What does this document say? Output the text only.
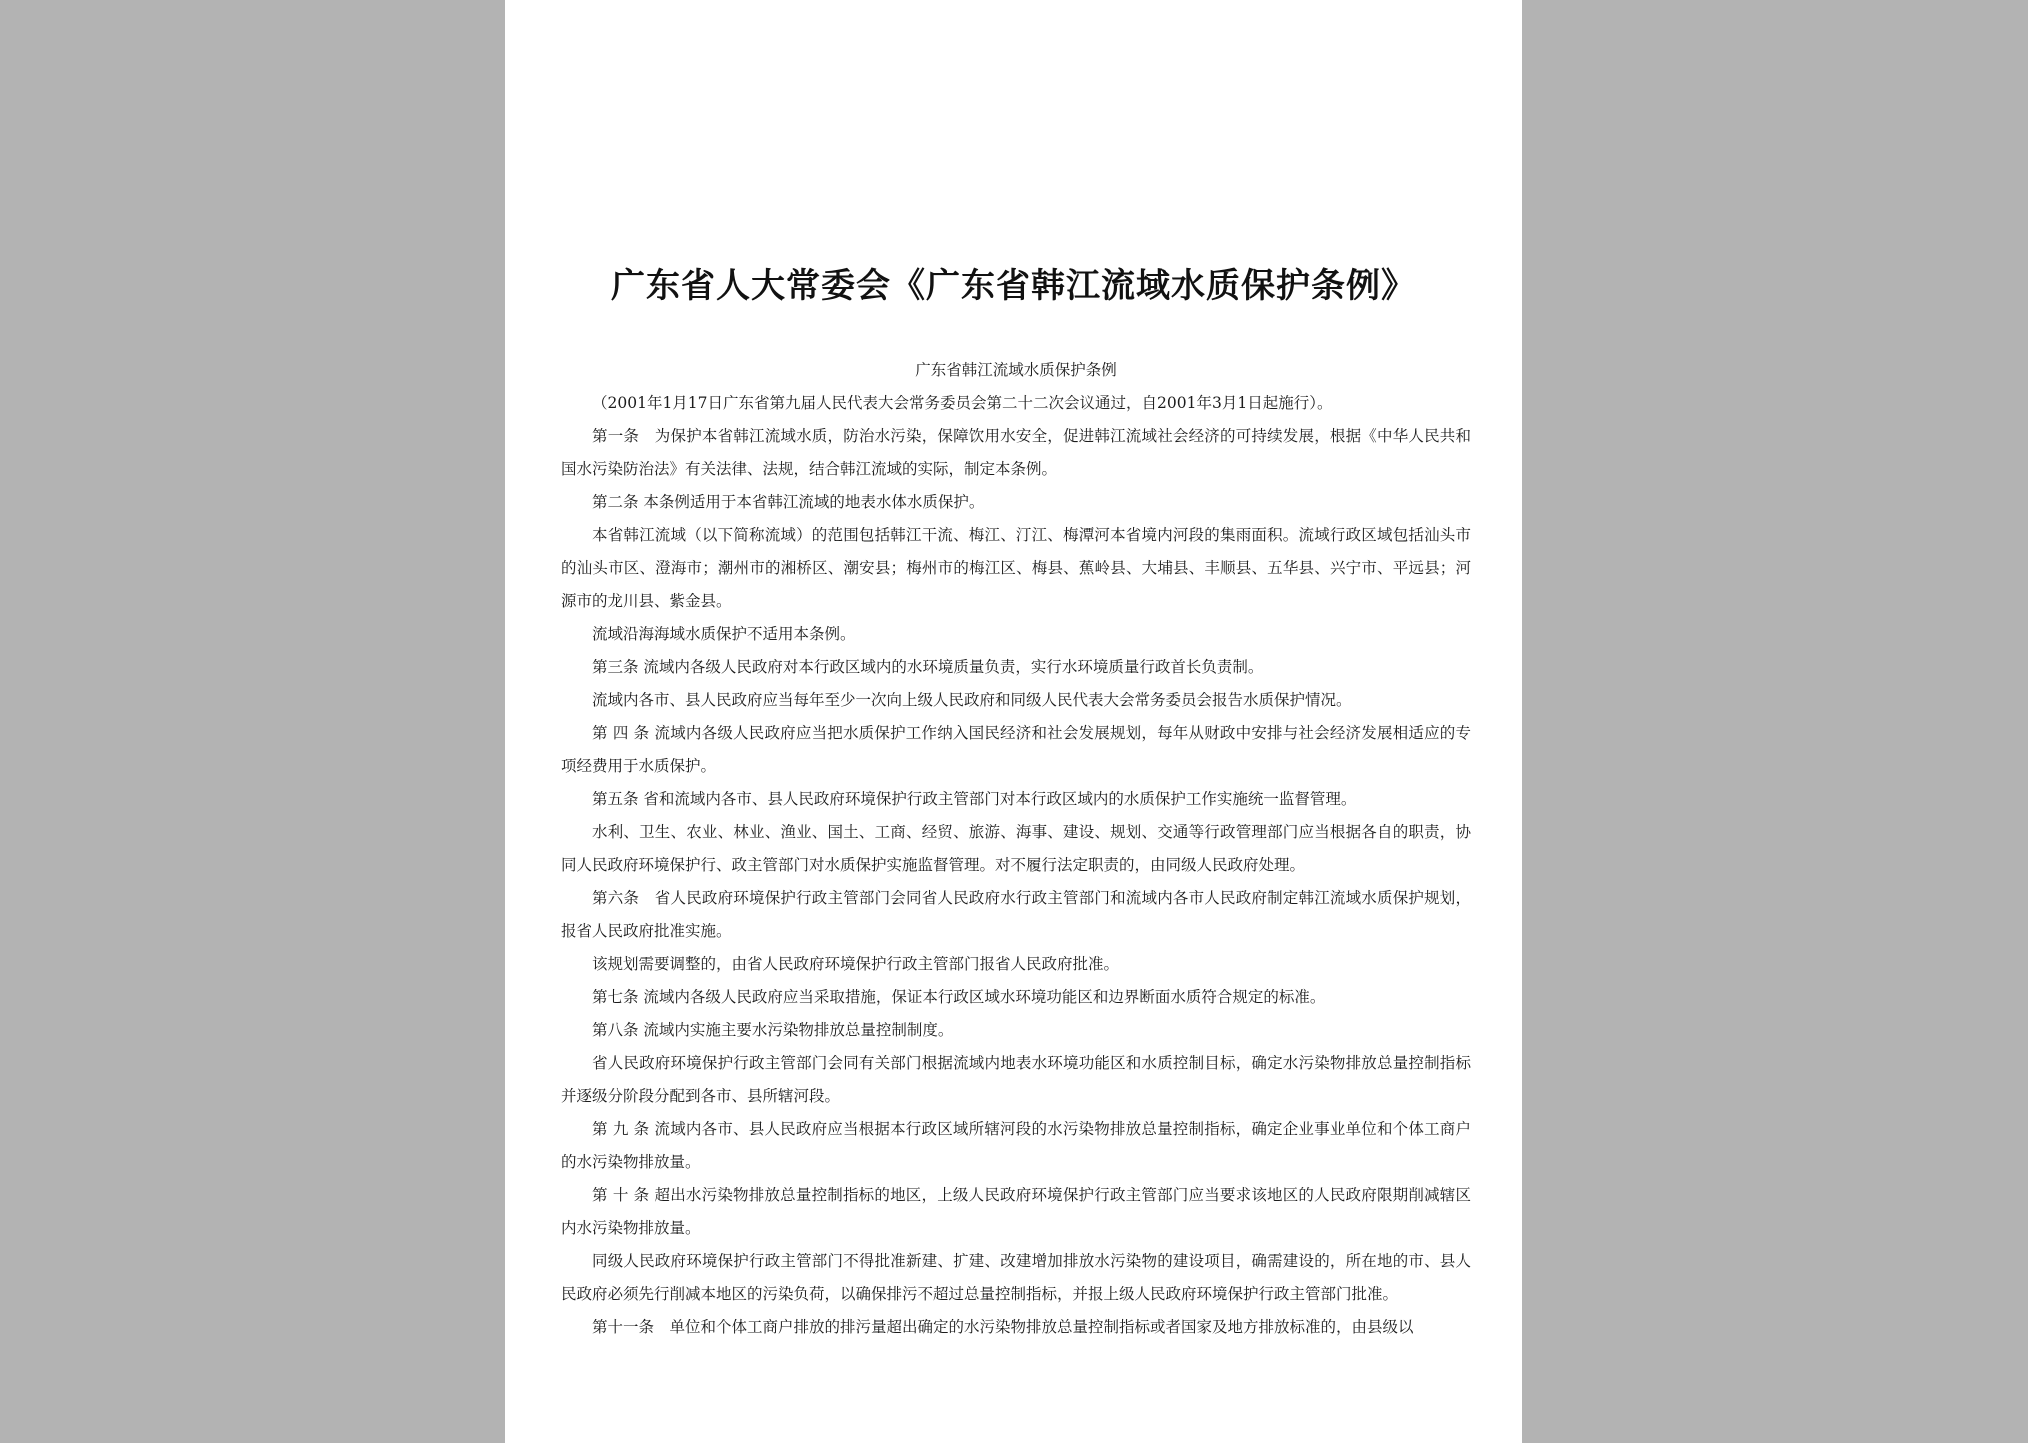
广东省人大常委会《广东省韩江流域水质保护条例》

广东省韩江流域水质保护条例

（2001年1月17日广东省第九届人民代表大会常务委员会第二十二次会议通过，自2001年3月1日起施行）。

第一条　为保护本省韩江流域水质，防治水污染，保障饮用水安全，促进韩江流域社会经济的可持续发展，根据《中华人民共和国水污染防治法》有关法律、法规，结合韩江流域的实际，制定本条例。

第二条 本条例适用于本省韩江流域的地表水体水质保护。

本省韩江流域（以下简称流域）的范围包括韩江干流、梅江、汀江、梅潭河本省境内河段的集雨面积。流域行政区域包括汕头市的汕头市区、澄海市；潮州市的湘桥区、潮安县；梅州市的梅江区、梅县、蕉岭县、大埔县、丰顺县、五华县、兴宁市、平远县；河源市的龙川县、紫金县。

流域沿海海域水质保护不适用本条例。

第三条 流域内各级人民政府对本行政区域内的水环境质量负责，实行水环境质量行政首长负责制。

流域内各市、县人民政府应当每年至少一次向上级人民政府和同级人民代表大会常务委员会报告水质保护情况。

第 四 条 流域内各级人民政府应当把水质保护工作纳入国民经济和社会发展规划，每年从财政中安排与社会经济发展相适应的专项经费用于水质保护。

第五条 省和流域内各市、县人民政府环境保护行政主管部门对本行政区域内的水质保护工作实施统一监督管理。

水利、卫生、农业、林业、渔业、国土、工商、经贸、旅游、海事、建设、规划、交通等行政管理部门应当根据各自的职责，协同人民政府环境保护行、政主管部门对水质保护实施监督管理。对不履行法定职责的，由同级人民政府处理。

第六条　省人民政府环境保护行政主管部门会同省人民政府水行政主管部门和流域内各市人民政府制定韩江流域水质保护规划，报省人民政府批准实施。

该规划需要调整的，由省人民政府环境保护行政主管部门报省人民政府批准。

第七条 流域内各级人民政府应当采取措施，保证本行政区域水环境功能区和边界断面水质符合规定的标准。

第八条 流域内实施主要水污染物排放总量控制制度。

省人民政府环境保护行政主管部门会同有关部门根据流域内地表水环境功能区和水质控制目标，确定水污染物排放总量控制指标并逐级分阶段分配到各市、县所辖河段。

第 九 条 流域内各市、县人民政府应当根据本行政区域所辖河段的水污染物排放总量控制指标，确定企业事业单位和个体工商户的水污染物排放量。

第 十 条 超出水污染物排放总量控制指标的地区，上级人民政府环境保护行政主管部门应当要求该地区的人民政府限期削减辖区内水污染物排放量。

同级人民政府环境保护行政主管部门不得批准新建、扩建、改建增加排放水污染物的建设项目，确需建设的，所在地的市、县人民政府必须先行削减本地区的污染负荷，以确保排污不超过总量控制指标，并报上级人民政府环境保护行政主管部门批准。

第十一条　单位和个体工商户排放的排污量超出确定的水污染物排放总量控制指标或者国家及地方排放标准的，由县级以
